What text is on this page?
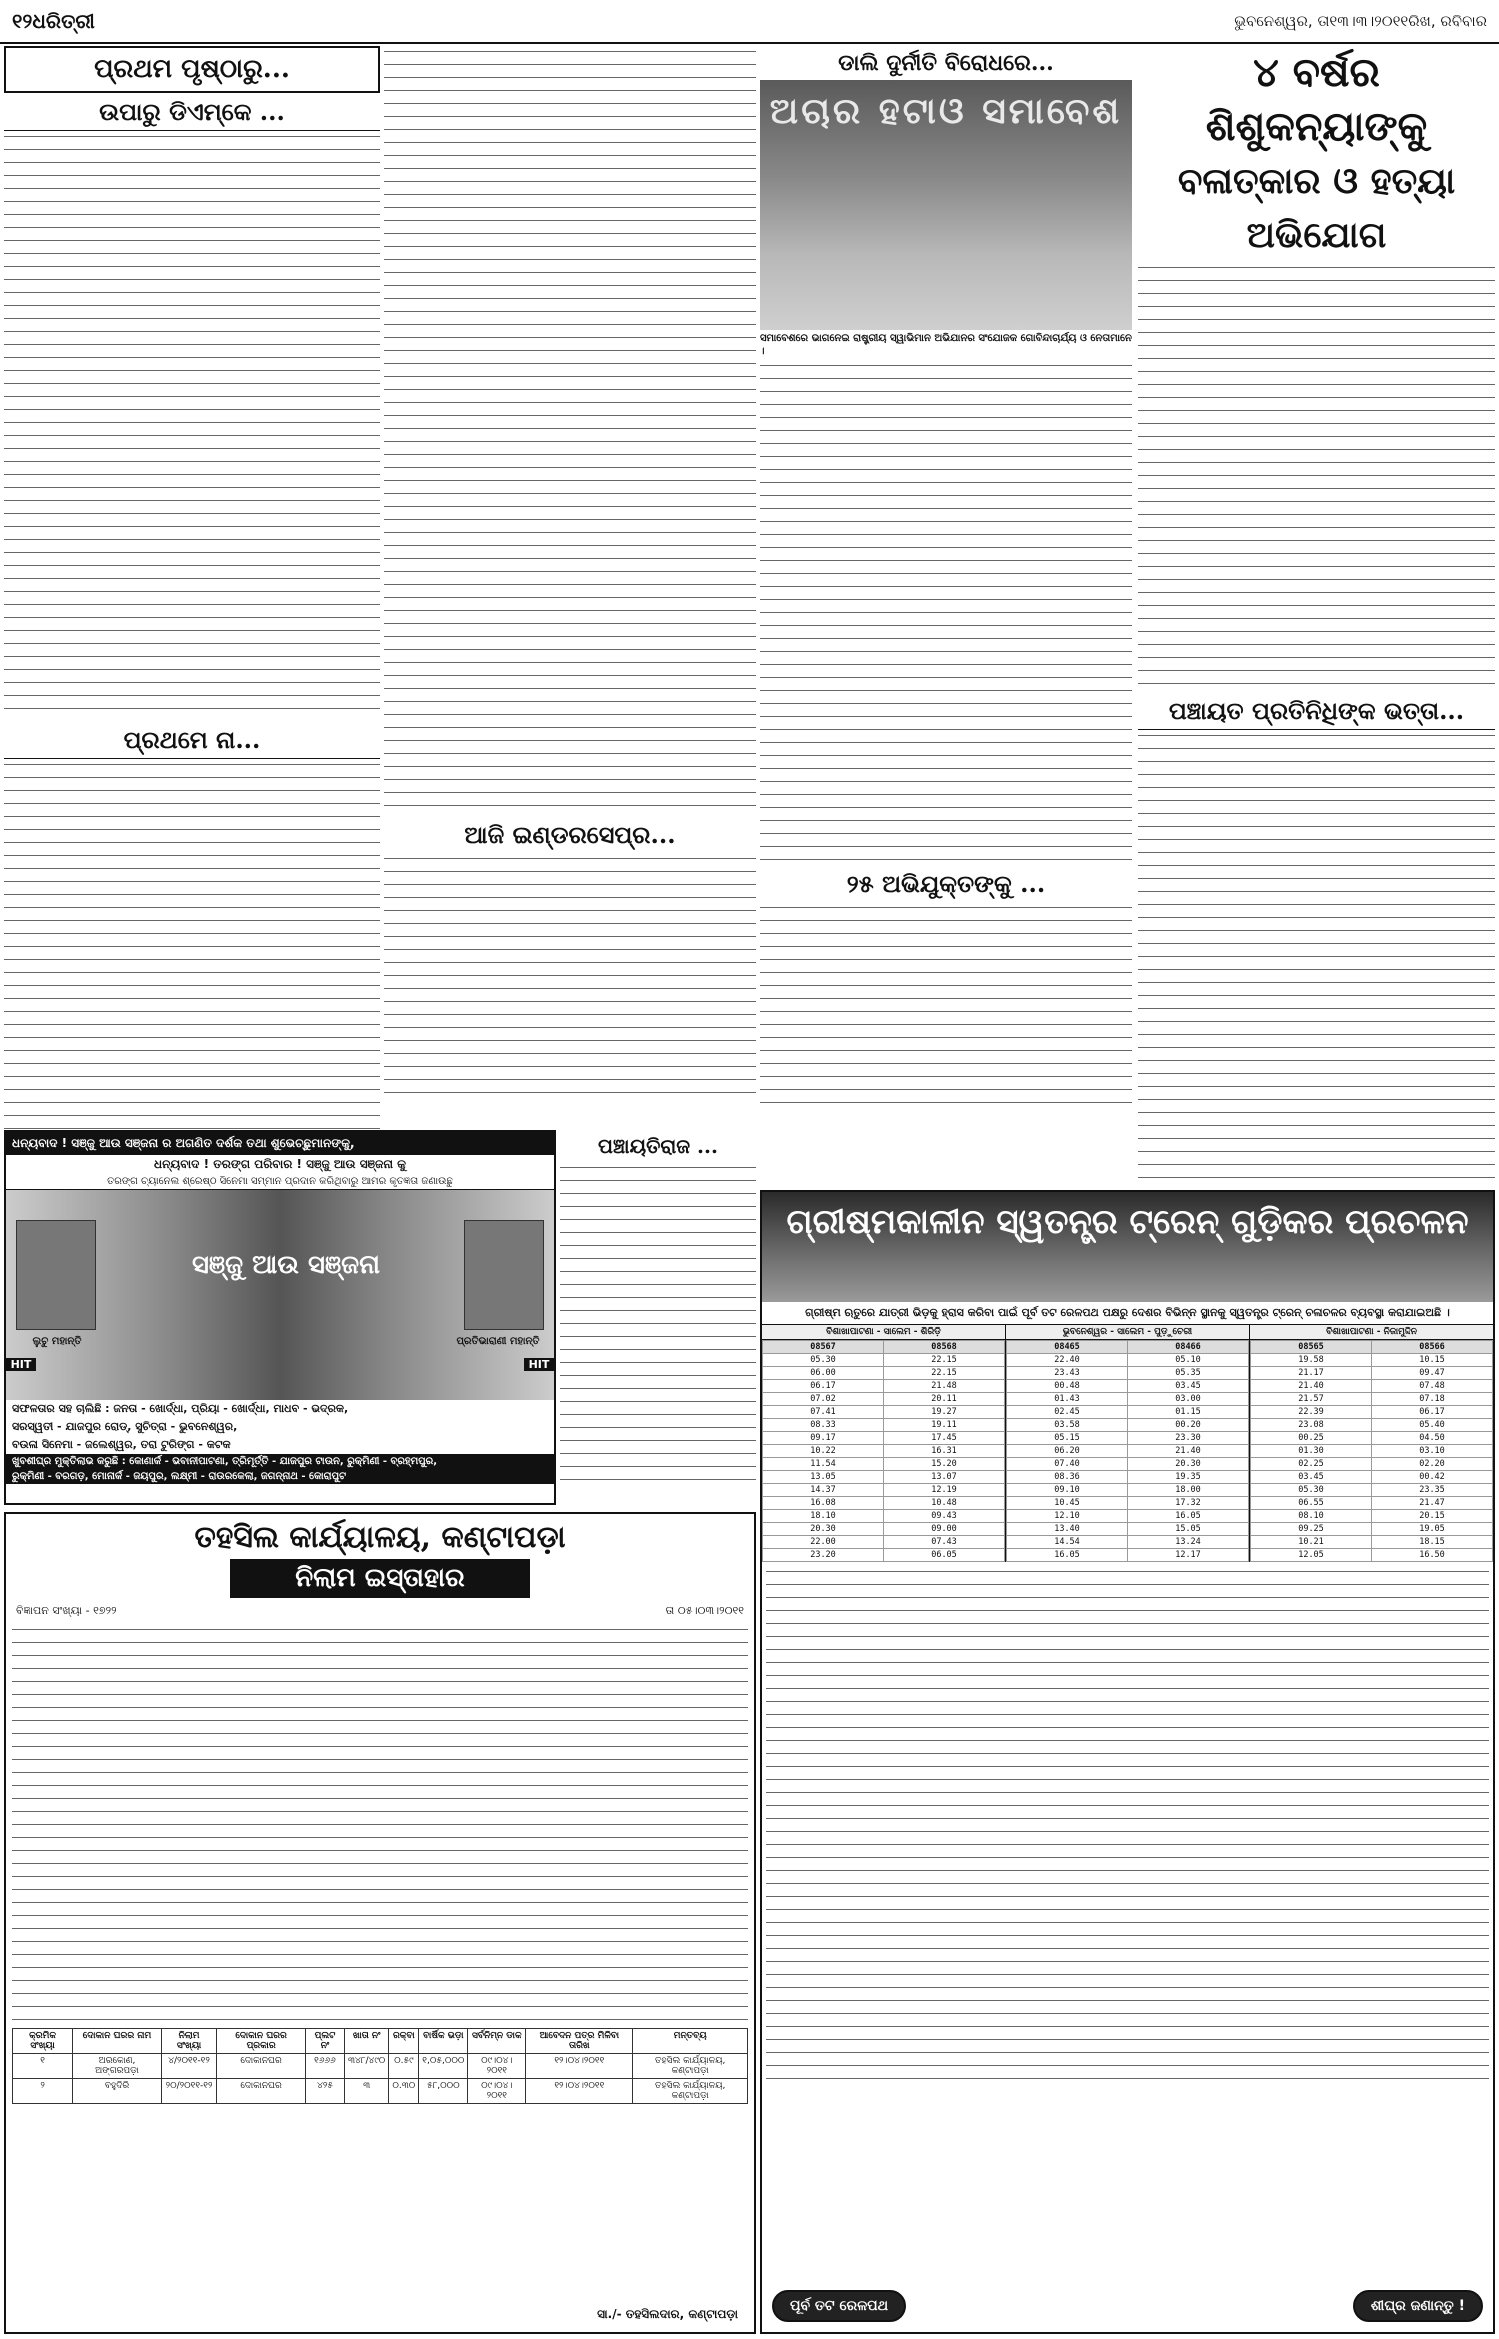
୧୨ଧରିତ୍ରୀ	ଭୁବନେଶ୍ୱର, ତା୧୩।୩।୨୦୧୧ରିଖ, ରବିବାର
ପ୍ରଥମ ପୃଷ୍ଠାରୁ...
ଉପାରୁ ଡିଏମ୍‌କେ ...
ପ୍ରଥମେ ନା...
ଆଜି ଇଣ୍ଡରସେପ୍‌ର...
ଡାଲି ଦୁର୍ନୀତି ବିରୋଧରେ...
ଅଚାର ହଟାଓ ସମାବେଶ
ସମାବେଶରେ ଭାଗନେଇ ରାଷ୍ଟ୍ରୀୟ ସ୍ୱାଭିମାନ ଅଭିଯାନର ସଂଯୋଜକ ଗୋବିନ୍ଦାଚାର୍ଯ୍ୟ ଓ ନେତାମାନେ ।
୨୫ ଅଭିଯୁକ୍ତଙ୍କୁ ...
୪ ବର୍ଷର ଶିଶୁକନ୍ୟାଙ୍କୁ
ବଳାତ୍କାର ଓ ହତ୍ୟା ଅଭିଯୋଗ
ପଞ୍ଚାୟତ ପ୍ରତିନିଧିଙ୍କ ଭତ୍ତା...
ଧନ୍ୟବାଦ ! ସଞ୍ଜୁ ଆଉ ସଞ୍ଜନା ର ଅଗଣିତ ଦର୍ଶକ ତଥା ଶୁଭେଚ୍ଛୁମାନଙ୍କୁ,
ଧନ୍ୟବାଦ ! ତରଙ୍ଗ ପରିବାର ! ସଞ୍ଜୁ ଆଉ ସଞ୍ଜନା କୁ
ତରଙ୍ଗ ଚ୍ୟାନେଲ ଶ୍ରେଷ୍ଠ ସିନେମା ସମ୍ମାନ ପ୍ରଦାନ କରିଥିବାରୁ ଆମର କୃତଜ୍ଞତା ଜଣାଉଛୁ
ଲୁଚୁ ମହାନ୍ତି
ସଞ୍ଜୁ ଆଉ ସଞ୍ଜନା
ପ୍ରତିଭାରାଣୀ ମହାନ୍ତି
HIT	HIT
ସଫଳତାର ସହ ଚାଲିଛି : ଜନତା - ଖୋର୍ଦ୍ଧା, ପ୍ରିୟା - ଖୋର୍ଦ୍ଧା, ମାଧବ - ଭଦ୍ରକ,
ସରସ୍ୱତୀ - ଯାଜପୁର ରୋଡ୍, ସୁଚିତ୍ରା - ଭୁବନେଶ୍ୱର,
ବଉଳା ସିନେମା - ଜଲେଶ୍ୱର, ତରା ଟୁରିଙ୍ଗ - କଟକ
ଖୁବଶୀଘ୍ର ମୁକ୍ତିଲାଭ କରୁଛି : କୋଣାର୍କ - ଭବାନୀପାଟଣା, ତ୍ରିମୂର୍ତ୍ତି - ଯାଜପୁର ଟାଉନ, ରୁକ୍ମିଣୀ - ବ୍ରହ୍ମପୁର,
ରୁକ୍ମିଣୀ - ବରଗଡ଼, ମୋନାର୍କ - ଜୟପୁର, ଲକ୍ଷ୍ମୀ - ରାଉରକେଲା, ଜଗନ୍ନାଥ - କୋରାପୁଟ
ପଞ୍ଚାୟତିରାଜ ...
ତହସିଲ କାର୍ଯ୍ୟାଳୟ, କଣ୍ଟାପଡ଼ା
ନିଲାମ ଇସ୍ତାହାର
ବିଜ୍ଞାପନ ସଂଖ୍ୟା - ୧୭୨୨	ତା ୦୫।୦୩।୨୦୧୧
କ୍ରମିକ ସଂଖ୍ୟା	ଦୋକାନ ଘରର ନାମ	ନିଲାମ ସଂଖ୍ୟା	ଦୋକାନ ଘରର ପ୍ରକାର	ପ୍ଲଟ ନଂ	ଖାତା ନଂ	ରକ୍ବା	ବାର୍ଷିକ ଭଡ଼ା	ସର୍ବନିମ୍ନ ଡାକ	ଆବେଦନ ପତ୍ର ମିଳିବା ତାରିଖ	ମନ୍ତବ୍ୟ
୧	ଅରକୋଣ, ଅଙ୍ଗରପଡ଼ା	୪/୨୦୧୧-୧୨	ଦୋକାନଘର	୧୬୬୬	୩୪୮/୪୯୦	୦.୫୯	୧,୦୫,୦୦୦	୦୯।୦୪।୨୦୧୧	୧୨।୦୪।୨୦୧୧	ତହସିଲ କାର୍ଯ୍ୟାଳୟ, କଣ୍ଟାପଡ଼ା
୨	ବହୁଦିରି	୨୦/୨୦୧୧-୧୨	ଦୋକାନଘର	୪୨୫	୩	୦.୩୦	୫୮,୦୦୦	୦୯।୦୪।୨୦୧୧	୧୨।୦୪।୨୦୧୧	ତହସିଲ କାର୍ଯ୍ୟାଳୟ, କଣ୍ଟାପଡ଼ା
ସା./- ତହସିଲଦାର, କଣ୍ଟାପଡ଼ା
ଗ୍ରୀଷ୍ମକାଳୀନ ସ୍ୱତନ୍ତ୍ର ଟ୍ରେନ୍ ଗୁଡ଼ିକର ପ୍ରଚଳନ
ଗ୍ରୀଷ୍ମ ଋତୁରେ ଯାତ୍ରୀ ଭିଡ଼କୁ ହ୍ରାସ କରିବା ପାଇଁ ପୂର୍ବ ତଟ ରେଳପଥ ପକ୍ଷରୁ ଦେଶର ବିଭିନ୍ନ ସ୍ଥାନକୁ ସ୍ୱତନ୍ତ୍ର ଟ୍ରେନ୍ ଚଳାଚଳର ବ୍ୟବସ୍ଥା କରାଯାଇଅଛି ।
ବିଶାଖାପାଟଣା - ସାଲେମ - ଶିରିଡ଼ି
08567	08568
05.30	22.15
06.00	22.15
06.17	21.48
07.02	20.11
07.41	19.27
08.33	19.11
09.17	17.45
10.22	16.31
11.54	15.20
13.05	13.07
14.37	12.19
16.08	10.48
18.10	09.43
20.30	09.00
22.00	07.43
23.20	06.05
ଭୁବନେଶ୍ୱର - ସାଲେମ - ପୁଡ଼ୁଚେରୀ
08465	08466
22.40	05.10
23.43	05.35
00.48	03.45
01.43	03.00
02.45	01.15
03.58	00.20
05.15	23.30
06.20	21.40
07.40	20.30
08.36	19.35
09.10	18.00
10.45	17.32
12.10	16.05
13.40	15.05
14.54	13.24
16.05	12.17
ବିଶାଖାପାଟଣା - ନିଜାମୁଦ୍ଦିନ
08565	08566
19.58	10.15
21.17	09.47
21.40	07.48
21.57	07.18
22.39	06.17
23.08	05.40
00.25	04.50
01.30	03.10
02.25	02.20
03.45	00.42
05.30	23.35
06.55	21.47
08.10	20.15
09.25	19.05
10.21	18.15
12.05	16.50
ପୂର୍ବ ତଟ ରେଳପଥ	ଶୀଘ୍ର ଜଣାନ୍ତୁ !
